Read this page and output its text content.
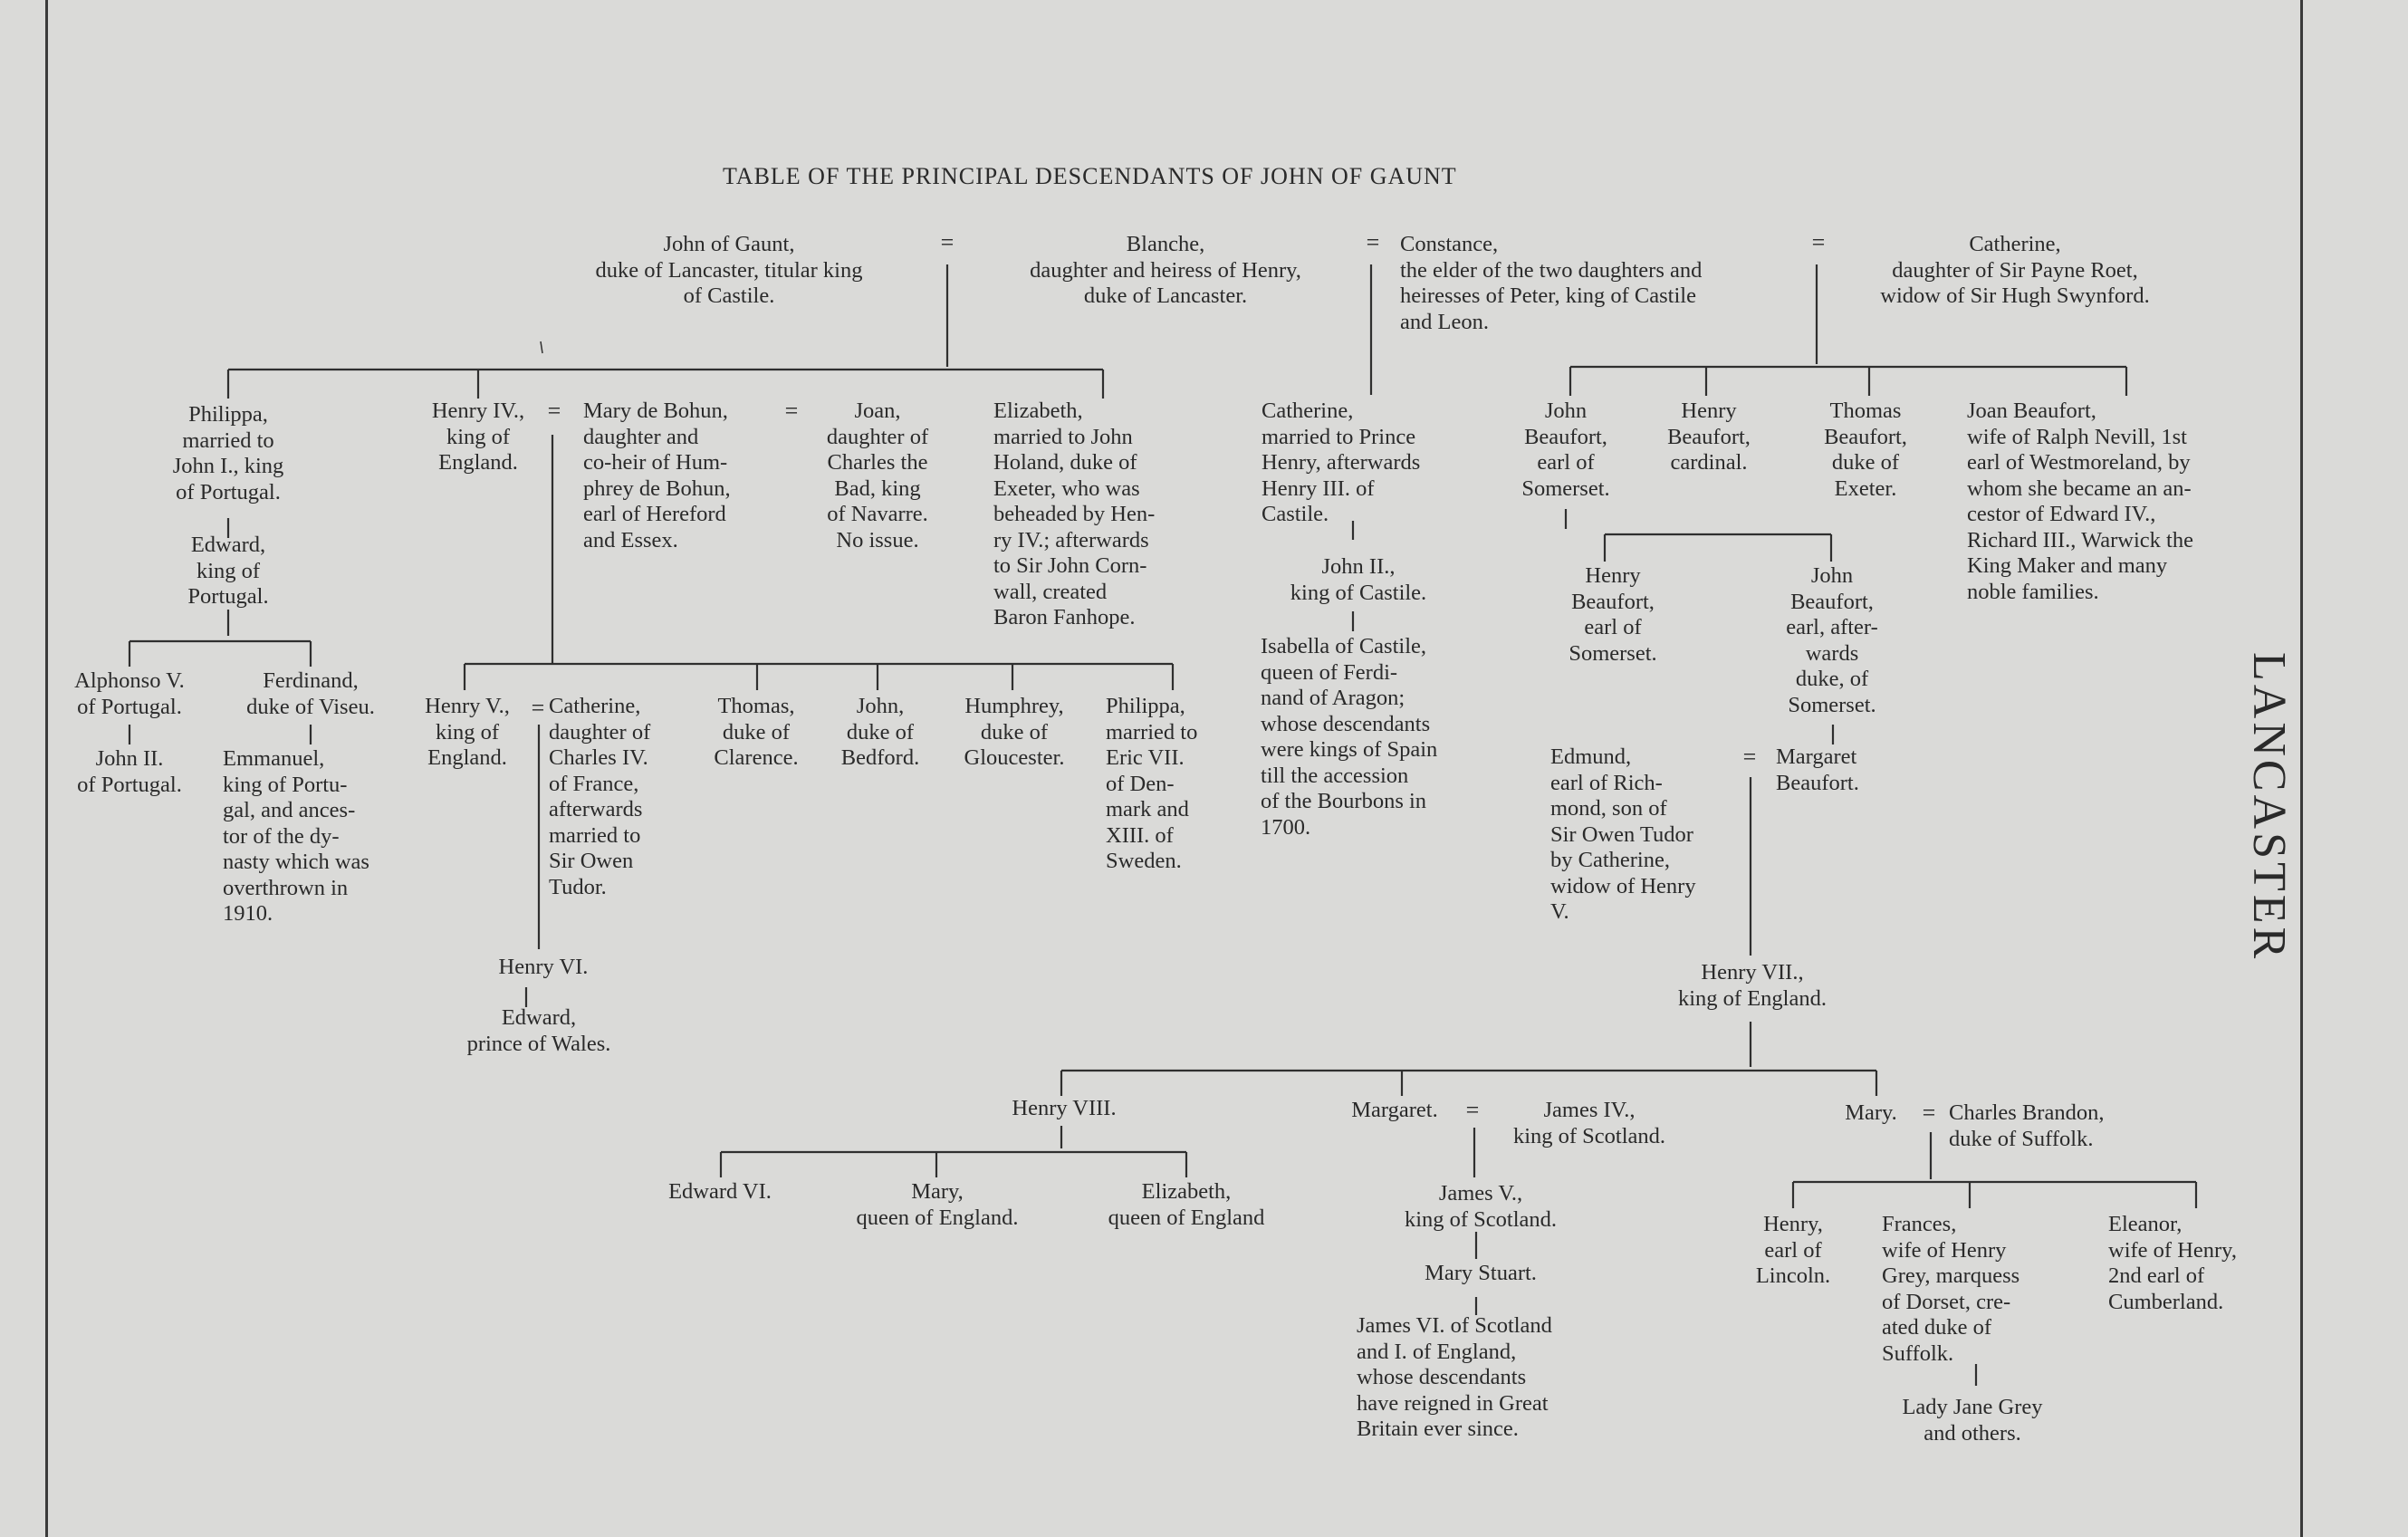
TABLE OF THE PRINCIPAL DESCENDANTS OF JOHN OF GAUNT
LANCASTER
=	=	=
=	=
=
=
=	=
John of Gaunt,
duke of Lancaster, titular king
of Castile.
Blanche,
daughter and heiress of Henry,
duke of Lancaster.
Constance,
the elder of the two daughters and
heiresses of Peter, king of Castile
and Leon.
Catherine,
daughter of Sir Payne Roet,
widow of Sir Hugh Swynford.
Philippa,
married to
John I., king
of Portugal.
Edward,
king of
Portugal.
Alphonso V.
of Portugal.
John II.
of Portugal.
Ferdinand,
duke of Viseu.
Emmanuel,
king of Portu-
gal, and ances-
tor of the dy-
nasty which was
overthrown in
1910.
Henry IV.,
king of
England.
Mary de Bohun,
daughter and
co-heir of Hum-
phrey de Bohun,
earl of Hereford
and Essex.
Joan,
daughter of
Charles the
Bad, king
of Navarre.
No issue.
Elizabeth,
married to John
Holand, duke of
Exeter, who was
beheaded by Hen-
ry IV.; afterwards
to Sir John Corn-
wall, created
Baron Fanhope.
Catherine,
married to Prince
Henry, afterwards
Henry III. of
Castile.
John II.,
king of Castile.
Isabella of Castile,
queen of Ferdi-
nand of Aragon;
whose descendants
were kings of Spain
till the accession
of the Bourbons in
1700.
John
Beaufort,
earl of
Somerset.
Henry
Beaufort,
cardinal.
Thomas
Beaufort,
duke of
Exeter.
Joan Beaufort,
wife of Ralph Nevill, 1st
earl of Westmoreland, by
whom she became an an-
cestor of Edward IV.,
Richard III., Warwick the
King Maker and many
noble families.
Henry
Beaufort,
earl of
Somerset.
John
Beaufort,
earl, after-
wards
duke, of
Somerset.
Edmund,
earl of Rich-
mond, son of
Sir Owen Tudor
by Catherine,
widow of Henry
V.
Margaret
Beaufort.
Henry V.,
king of
England.
Catherine,
daughter of
Charles IV.
of France,
afterwards
married to
Sir Owen
Tudor.
Thomas,
duke of
Clarence.
John,
duke of
Bedford.
Humphrey,
duke of
Gloucester.
Philippa,
married to
Eric VII.
of Den-
mark and
XIII. of
Sweden.
Henry VI.
Edward,
prince of Wales.
Henry VII.,
king of England.
Henry VIII.	Margaret.	James IV.,
king of Scotland.
Mary.	Charles Brandon,
duke of Suffolk.
Edward VI.	Mary,
queen of England.
Elizabeth,
queen of England
James V.,
king of Scotland.
Mary Stuart.
James VI. of Scotland
and I. of England,
whose descendants
have reigned in Great
Britain ever since.
Henry,
earl of
Lincoln.
Frances,
wife of Henry
Grey, marquess
of Dorset, cre-
ated duke of
Suffolk.
Lady Jane Grey
and others.
Eleanor,
wife of Henry,
2nd earl of
Cumberland.
